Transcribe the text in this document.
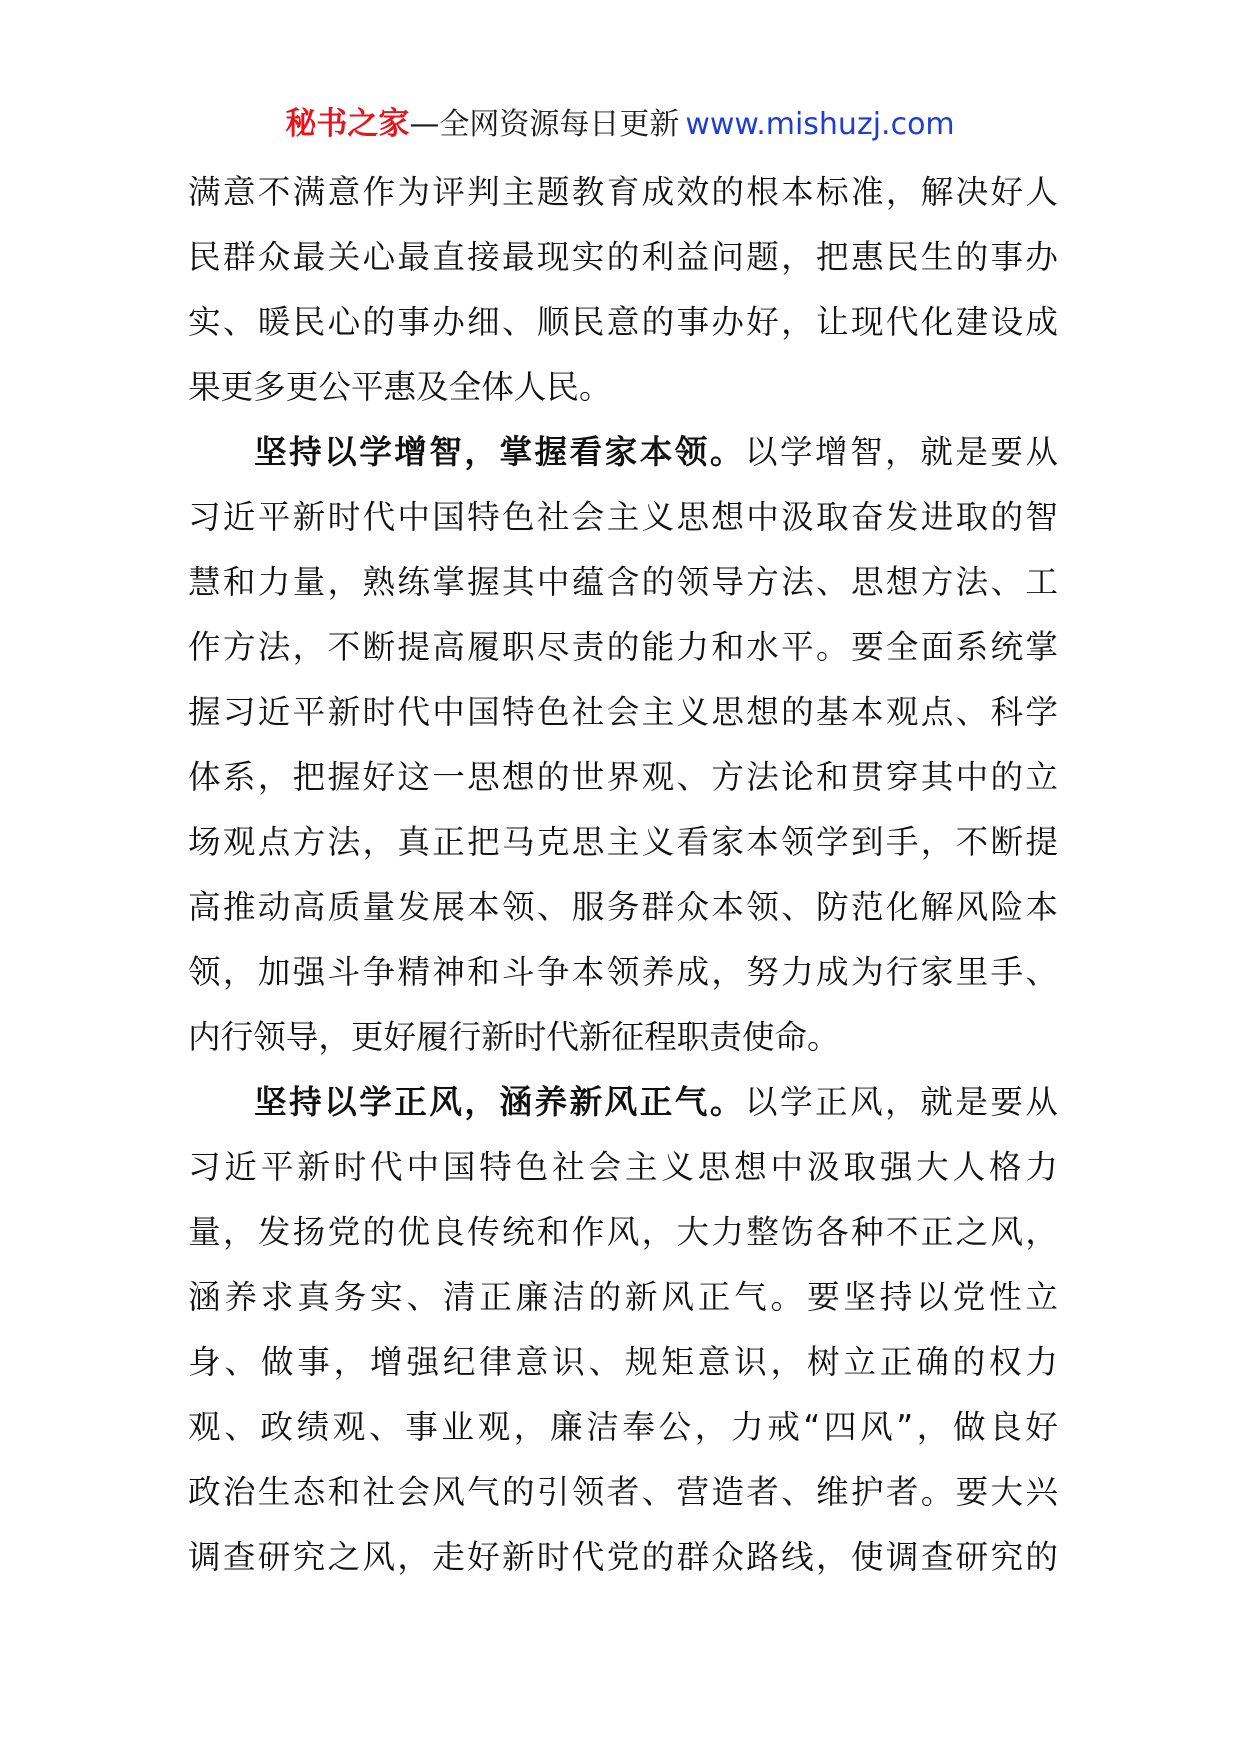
秘书之家—全网资源每日更新 www.mishuzj.com
满意不满意作为评判主题教育成效的根本标准，解决好人
民群众最关心最直接最现实的利益问题，把惠民生的事办
实、暖民心的事办细、顺民意的事办好，让现代化建设成
果更多更公平惠及全体人民。
坚持以学增智，掌握看家本领。以学增智，就是要从
习近平新时代中国特色社会主义思想中汲取奋发进取的智
慧和力量，熟练掌握其中蕴含的领导方法、思想方法、工
作方法，不断提高履职尽责的能力和水平。要全面系统掌
握习近平新时代中国特色社会主义思想的基本观点、科学
体系，把握好这一思想的世界观、方法论和贯穿其中的立
场观点方法，真正把马克思主义看家本领学到手，不断提
高推动高质量发展本领、服务群众本领、防范化解风险本
领，加强斗争精神和斗争本领养成，努力成为行家里手、
内行领导，更好履行新时代新征程职责使命。
坚持以学正风，涵养新风正气。以学正风，就是要从
习近平新时代中国特色社会主义思想中汲取强大人格力
量，发扬党的优良传统和作风，大力整饬各种不正之风，
涵养求真务实、清正廉洁的新风正气。要坚持以党性立
身、做事，增强纪律意识、规矩意识，树立正确的权力
观、政绩观、事业观，廉洁奉公，力戒“四风”，做良好
政治生态和社会风气的引领者、营造者、维护者。要大兴
调查研究之风，走好新时代党的群众路线，使调查研究的
